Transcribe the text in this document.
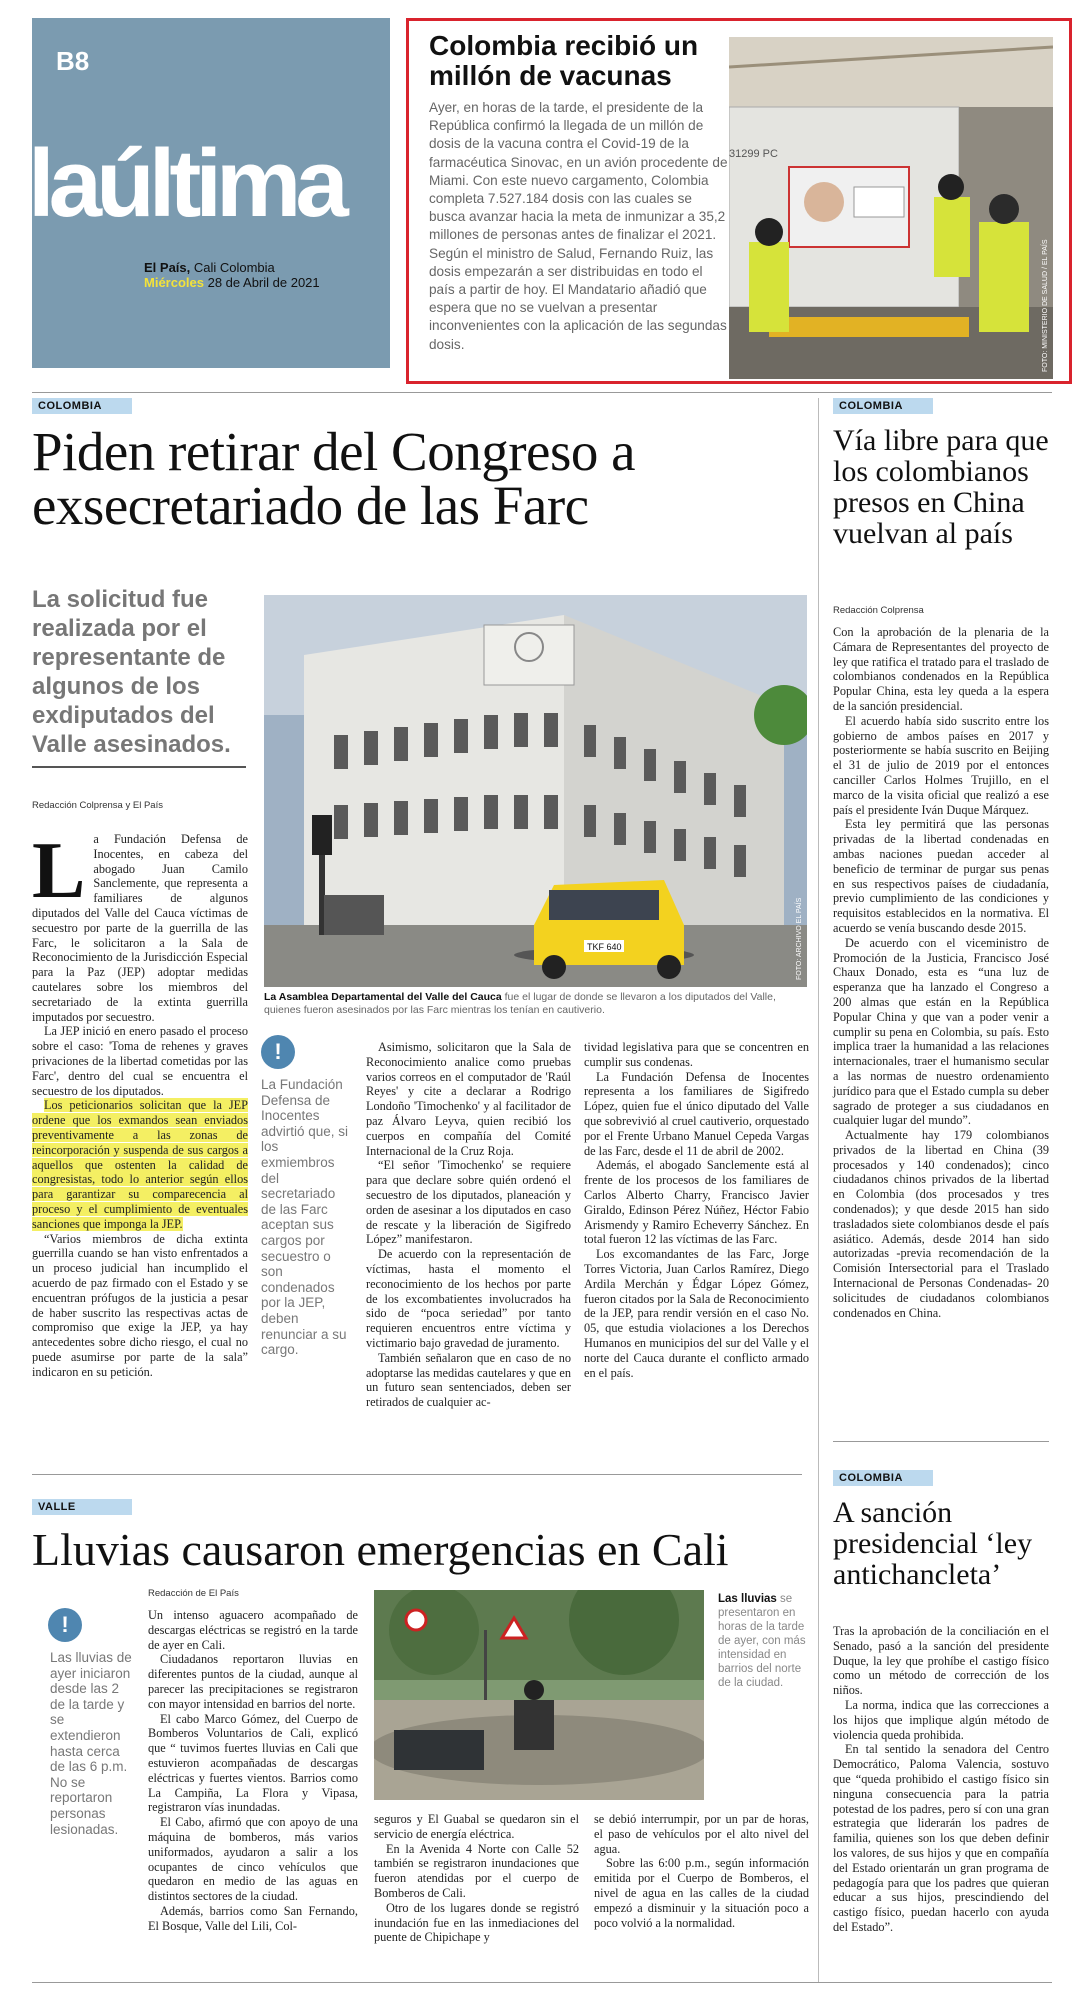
B8
laúltima
El País, Cali Colombia
Miércoles 28 de Abril de 2021
Colombia recibió un millón de vacunas
Ayer, en horas de la tarde, el presidente de la República confirmó la llegada de un millón de dosis de la vacuna contra el Covid-19 de la farmacéutica Sinovac, en un avión procedente de Miami. Con este nuevo cargamento, Colombia completa 7.527.184 dosis con las cuales se busca avanzar hacia la meta de inmunizar a 35,2 millones de personas antes de finalizar el 2021. Según el ministro de Salud, Fernando Ruiz, las dosis empezarán a ser distribuidas en todo el país a partir de hoy. El Mandatario añadió que espera que no se vuelvan a presentar inconvenientes con la aplicación de las segundas dosis.
31299 PC
FOTO: MINISTERIO DE SALUD / EL PAÍS
COLOMBIA
Piden retirar del Congreso a exsecretariado de las Farc
La solicitud fue realizada por el representante de algunos de los exdiputados del Valle asesinados.
Redacción Colprensa y El País
L a Fundación Defensa de Inocentes, en cabeza del abogado Juan Camilo Sanclemente, que representa a familiares de algunos diputados del Valle del Cauca víctimas de secuestro por parte de la guerrilla de las Farc, le solicitaron a la Sala de Reconocimiento de la Jurisdicción Especial para la Paz (JEP) adoptar medidas cautelares sobre los miembros del secretariado de la extinta guerrilla imputados por secuestro.

La JEP inició en enero pasado el proceso sobre el caso: 'Toma de rehenes y graves privaciones de la libertad cometidas por las Farc', dentro del cual se encuentra el secuestro de los diputados.

Los peticionarios solicitan que la JEP ordene que los exmandos sean enviados preventivamente a las zonas de reincorporación y suspenda de sus cargos a aquellos que ostenten la calidad de congresistas, todo lo anterior según ellos para garantizar su comparecencia al proceso y el cumplimiento de eventuales sanciones que imponga la JEP.

“Varios miembros de dicha extinta guerrilla cuando se han visto enfrentados a un proceso judicial han incumplido el acuerdo de paz firmado con el Estado y se encuentran prófugos de la justicia a pesar de haber suscrito las respectivas actas de compromiso que exige la JEP, ya hay antecedentes sobre dicho riesgo, el cual no puede asumirse por parte de la sala” indicaron en su petición.

TKF 640	FOTO: ARCHIVO EL PAÍS
La Asamblea Departamental del Valle del Cauca fue el lugar de donde se llevaron a los diputados del Valle, quienes fueron asesinados por las Farc mientras los tenían en cautiverio.
!
La Fundación Defensa de Inocentes advirtió que, si los exmiembros del secretariado de las Farc aceptan sus cargos por secuestro o son condenados por la JEP, deben renunciar a su cargo.

Asimismo, solicitaron que la Sala de Reconocimiento analice como pruebas varios correos en el computador de 'Raúl Reyes' y cite a declarar a Rodrigo Londoño 'Timochenko' y al facilitador de paz Álvaro Leyva, quien recibió los cuerpos en compañía del Comité Internacional de la Cruz Roja.

“El señor 'Timochenko' se requiere para que declare sobre quién ordenó el secuestro de los diputados, planeación y orden de asesinar a los diputados en caso de rescate y la liberación de Sigifredo López” manifestaron.

De acuerdo con la representación de víctimas, hasta el momento el reconocimiento de los hechos por parte de los excombatientes involucrados ha sido de “poca seriedad” por tanto requieren encuentros entre víctima y victimario bajo gravedad de juramento.

También señalaron que en caso de no adoptarse las medidas cautelares y que en un futuro sean sentenciados, deben ser retirados de cualquier ac-

tividad legislativa para que se concentren en cumplir sus condenas.

La Fundación Defensa de Inocentes representa a los familiares de Sigifredo López, quien fue el único diputado del Valle que sobrevivió al cruel cautiverio, orquestado por el Frente Urbano Manuel Cepeda Vargas de las Farc, desde el 11 de abril de 2002.

Además, el abogado Sanclemente está al frente de los procesos de los familiares de Carlos Alberto Charry, Francisco Javier Giraldo, Edinson Pérez Núñez, Héctor Fabio Arismendy y Ramiro Echeverry Sánchez. En total fueron 12 las víctimas de las Farc.

Los excomandantes de las Farc, Jorge Torres Victoria, Juan Carlos Ramírez, Diego Ardila Merchán y Édgar López Gómez, fueron citados por la Sala de Reconocimiento de la JEP, para rendir versión en el caso No. 05, que estudia violaciones a los Derechos Humanos en municipios del sur del Valle y el norte del Cauca durante el conflicto armado en el país.

COLOMBIA
Vía libre para que los colombianos presos en China vuelvan al país
Redacción Colprensa
Con la aprobación de la plenaria de la Cámara de Representantes del proyecto de ley que ratifica el tratado para el traslado de colombianos condenados en la República Popular China, esta ley queda a la espera de la sanción presidencial.

El acuerdo había sido suscrito entre los gobierno de ambos países en 2017 y posteriormente se había suscrito en Beijing el 31 de julio de 2019 por el entonces canciller Carlos Holmes Trujillo, en el marco de la visita oficial que realizó a ese país el presidente Iván Duque Márquez.

Esta ley permitirá que las personas privadas de la libertad condenadas en ambas naciones puedan acceder al beneficio de terminar de purgar sus penas en sus respectivos países de ciudadanía, previo cumplimiento de las condiciones y requisitos establecidos en la normativa. El acuerdo se venía buscando desde 2015.

De acuerdo con el viceministro de Promoción de la Justicia, Francisco José Chaux Donado, esta es “una luz de esperanza que ha lanzado el Congreso a 200 almas que están en la República Popular China y que van a poder venir a cumplir su pena en Colombia, su país. Esto implica traer la humanidad a las relaciones internacionales, traer el humanismo secular a las normas de nuestro ordenamiento jurídico para que el Estado cumpla su deber sagrado de proteger a sus ciudadanos en cualquier lugar del mundo”.

Actualmente hay 179 colombianos privados de la libertad en China (39 procesados y 140 condenados); cinco ciudadanos chinos privados de la libertad en Colombia (dos procesados y tres condenados); y que desde 2015 han sido trasladados siete colombianos desde el país asiático. Además, desde 2014 han sido autorizadas -previa recomendación de la Comisión Intersectorial para el Traslado Internacional de Personas Condenadas- 20 solicitudes de ciudadanos colombianos condenados en China.

COLOMBIA
A sanción presidencial ‘ley antichancleta’
Tras la aprobación de la conciliación en el Senado, pasó a la sanción del presidente Duque, la ley que prohíbe el castigo físico como un método de corrección de los niños.

La norma, indica que las correcciones a los hijos que implique algún método de violencia queda prohibida.

En tal sentido la senadora del Centro Democrático, Paloma Valencia, sostuvo que “queda prohibido el castigo físico sin ninguna consecuencia para la patria potestad de los padres, pero sí con una gran estrategia que liderarán los padres de familia, quienes son los que deben definir los valores, de sus hijos y que en compañía del Estado orientarán un gran programa de pedagogía para que los padres que quieran educar a sus hijos, prescindiendo del castigo físico, puedan hacerlo con ayuda del Estado”.

VALLE
Lluvias causaron emergencias en Cali
Redacción de El País
!
Las lluvias de ayer iniciaron desde las 2 de la tarde y se extendieron hasta cerca de las 6 p.m. No se reportaron personas lesionadas.
Un intenso aguacero acompañado de descargas eléctricas se registró en la tarde de ayer en Cali.

Ciudadanos reportaron lluvias en diferentes puntos de la ciudad, aunque al parecer las precipitaciones se registraron con mayor intensidad en barrios del norte.

El cabo Marco Gómez, del Cuerpo de Bomberos Voluntarios de Cali, explicó que “ tuvimos fuertes lluvias en Cali que estuvieron acompañadas de descargas eléctricas y fuertes vientos. Barrios como La Campiña, La Flora y Vipasa, registraron vías inundadas.

El Cabo, afirmó que con apoyo de una máquina de bomberos, más varios uniformados, ayudaron a salir a los ocupantes de cinco vehículos que quedaron en medio de las aguas en distintos sectores de la ciudad.

Además, barrios como San Fernando, El Bosque, Valle del Lili, Col-

Las lluvias se presentaron en horas de la tarde de ayer, con más intensidad en barrios del norte de la ciudad.
seguros y El Guabal se quedaron sin el servicio de energía eléctrica.

En la Avenida 4 Norte con Calle 52 también se registraron inundaciones que fueron atendidas por el cuerpo de Bomberos de Cali.

Otro de los lugares donde se registró inundación fue en las inmediaciones del puente de Chipichape y

se debió interrumpir, por un par de horas, el paso de vehículos por el alto nivel del agua.

Sobre las 6:00 p.m., según información emitida por el Cuerpo de Bomberos, el nivel de agua en las calles de la ciudad empezó a disminuir y la situación poco a poco volvió a la normalidad.
